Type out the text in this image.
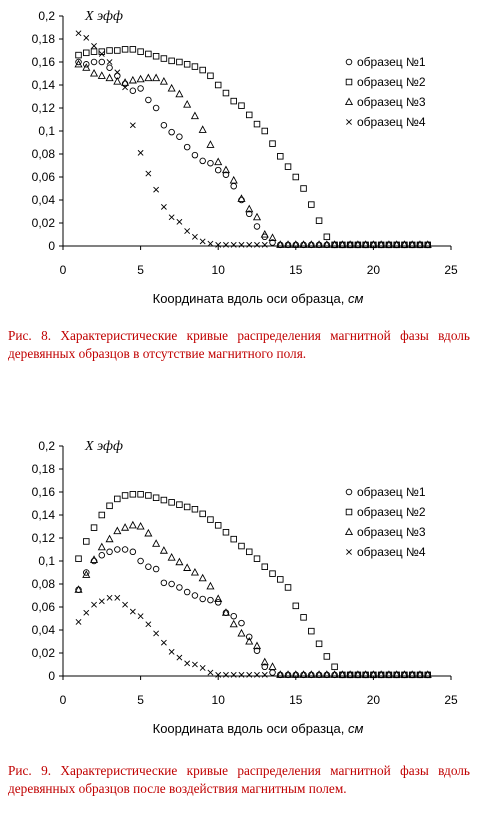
Х эфф
Координата вдоль оси образца, см
0
0,02
0,04
0,06
0,08
0,1
0,12
0,14
0,16
0,18
0,2
0	5	10	15	20	25
образец №1
образец №2
образец №3
образец №4
Рис. 8. Характеристические кривые распределения магнитной фазы вдоль деревянных образцов в отсутствие магнитного поля.
Х эфф
Координата вдоль оси образца, см
0
0,02
0,04
0,06
0,08
0,1
0,12
0,14
0,16
0,18
0,2
0	5	10	15	20	25
образец №1
образец №2
образец №3
образец №4
Рис. 9. Характеристические кривые распределения магнитной фазы вдоль деревянных образцов после воздействия магнитным полем.
